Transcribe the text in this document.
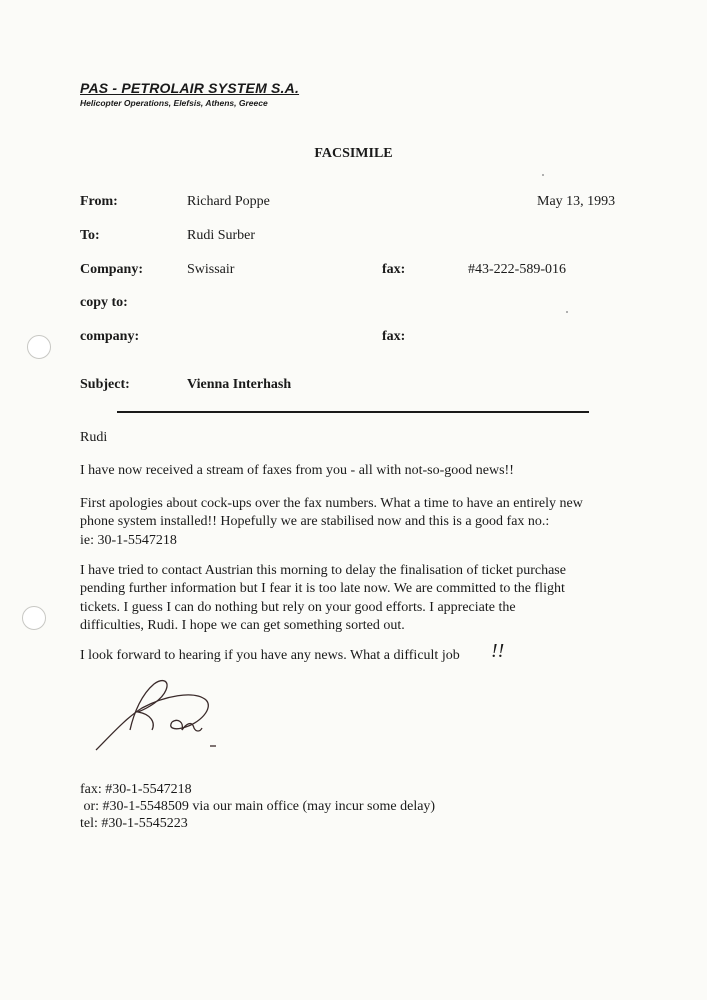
PAS - PETROLAIR SYSTEM S.A.
Helicopter Operations, Elefsis, Athens, Greece
FACSIMILE
From:	Richard Poppe	May 13, 1993
To:	Rudi Surber
Company:	Swissair	fax:	#43-222-589-016
copy to:
company:	fax:
Subject:	Vienna Interhash

Rudi

I have now received a stream of faxes from you - all with not-so-good news!!

First apologies about cock-ups over the fax numbers. What a time to have an entirely new
phone system installed!! Hopefully we are stabilised now and this is a good fax no.:
ie: 30-1-5547218
I have tried to contact Austrian this morning to delay the finalisation of ticket purchase
pending further information but I fear it is too late now. We are committed to the flight
tickets. I guess I can do nothing but rely on your good efforts. I appreciate the
difficulties, Rudi. I hope we can get something sorted out.

I look forward to hearing if you have any news. What a difficult job	!!
fax: #30-1-5547218
or: #30-1-5548509 via our main office (may incur some delay)
tel: #30-1-5545223
